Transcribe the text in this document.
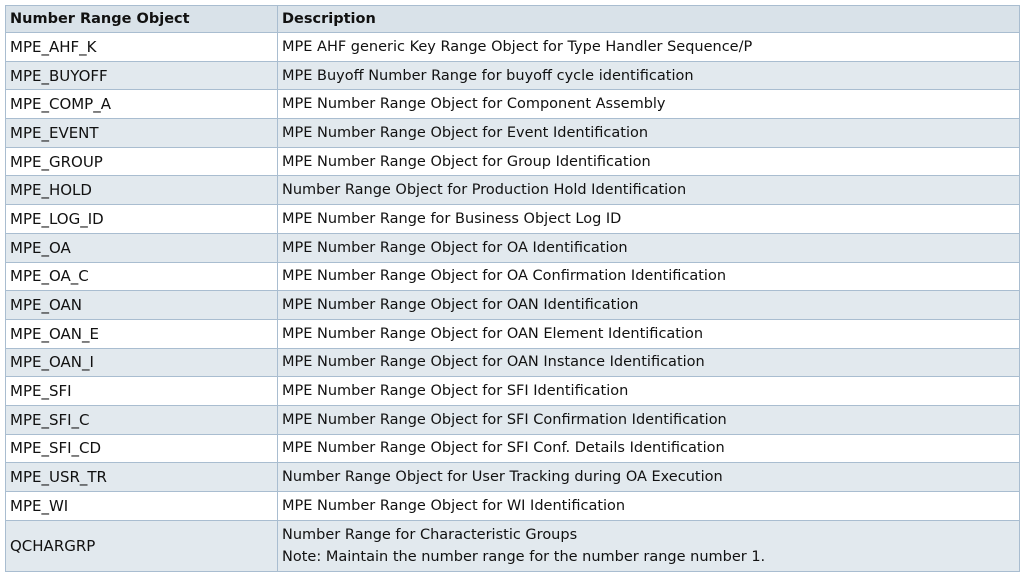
Number Range Object	Description
MPE_AHF_K	MPE AHF generic Key Range Object for Type Handler Sequence/P
MPE_BUYOFF	MPE Buyoff Number Range for buyoff cycle identification
MPE_COMP_A	MPE Number Range Object for Component Assembly
MPE_EVENT	MPE Number Range Object for Event Identification
MPE_GROUP	MPE Number Range Object for Group Identification
MPE_HOLD	Number Range Object for Production Hold Identification
MPE_LOG_ID	MPE Number Range for Business Object Log ID
MPE_OA	MPE Number Range Object for OA Identification
MPE_OA_C	MPE Number Range Object for OA Confirmation Identification
MPE_OAN	MPE Number Range Object for OAN Identification
MPE_OAN_E	MPE Number Range Object for OAN Element Identification
MPE_OAN_I	MPE Number Range Object for OAN Instance Identification
MPE_SFI	MPE Number Range Object for SFI Identification
MPE_SFI_C	MPE Number Range Object for SFI Confirmation Identification
MPE_SFI_CD	MPE Number Range Object for SFI Conf. Details Identification
MPE_USR_TR	Number Range Object for User Tracking during OA Execution
MPE_WI	MPE Number Range Object for WI Identification
QCHARGRP	Number Range for Characteristic Groups
Note: Maintain the number range for the number range number 1.
